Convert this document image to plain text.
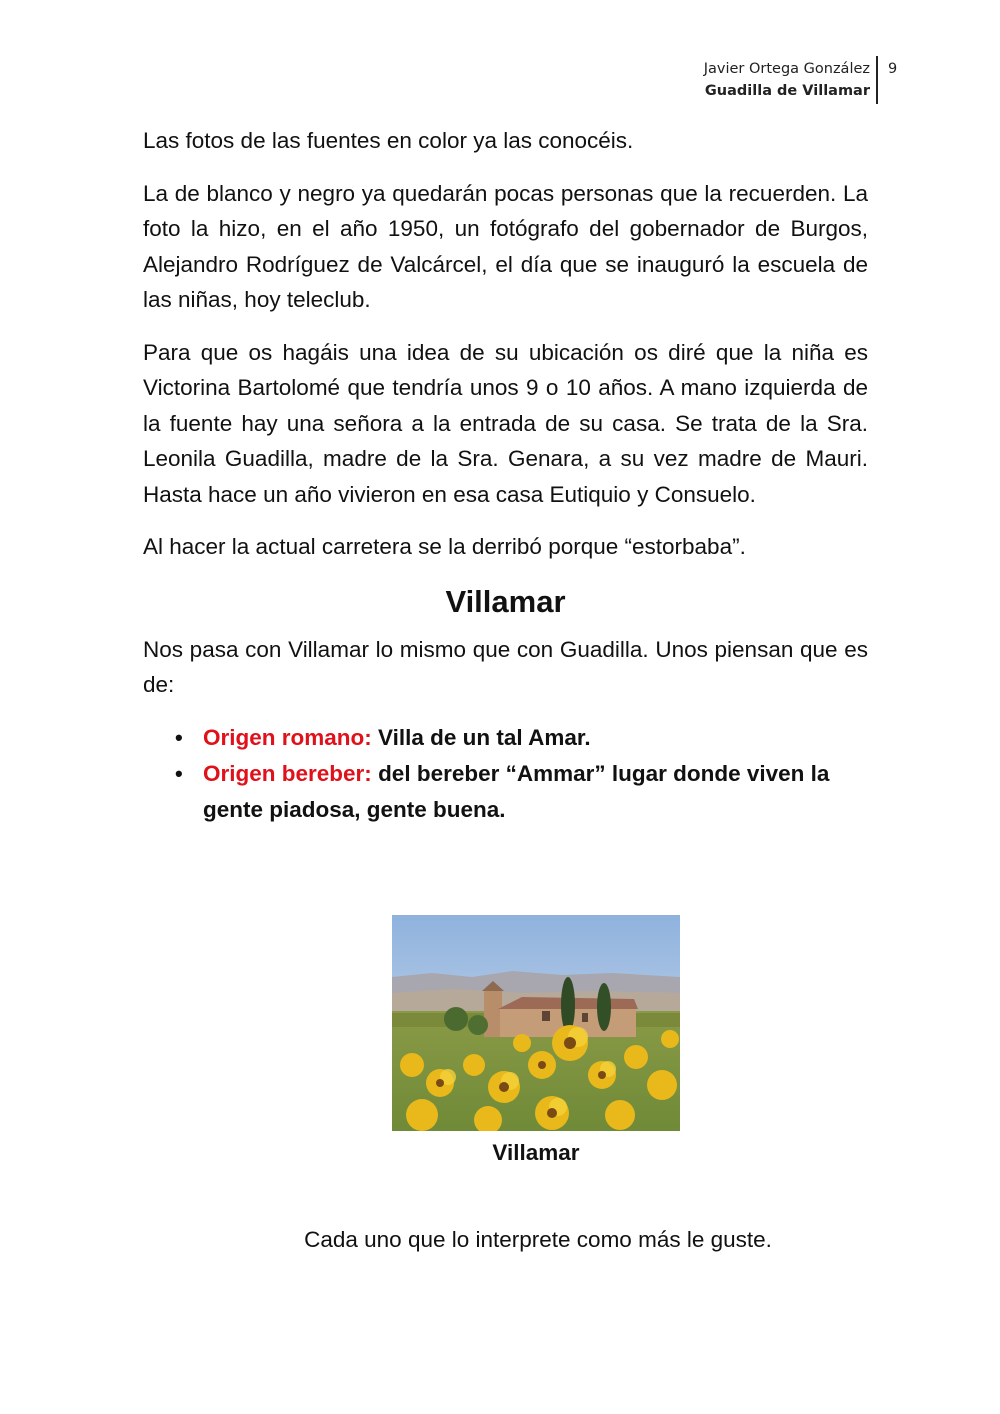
Javier Ortega González
Guadilla de Villamar
9

Las fotos de las fuentes en color ya las conocéis.

La de blanco y negro ya quedarán pocas personas que la recuerden. La foto la hizo, en el año 1950, un fotógrafo del gobernador de Burgos, Alejandro Rodríguez de Valcárcel, el día que se inauguró la escuela de las niñas, hoy teleclub.

Para que os hagáis una idea de su ubicación os diré que la niña es Victorina Bartolomé que tendría unos 9 o 10 años. A mano izquierda de la fuente hay una señora a la entrada de su casa. Se trata de la Sra. Leonila Guadilla, madre de la Sra. Genara, a su vez madre de Mauri. Hasta hace un año vivieron en esa casa Eutiquio y Consuelo.

Al hacer la actual carretera se la derribó porque “estorbaba”.

Villamar

Nos pasa con Villamar lo mismo que con Guadilla. Unos piensan que es de:

• Origen romano: Villa de un tal Amar.
• Origen bereber: del bereber “Ammar” lugar donde viven la gente piadosa, gente buena.
Villamar
Cada uno que lo interprete como más le guste.
